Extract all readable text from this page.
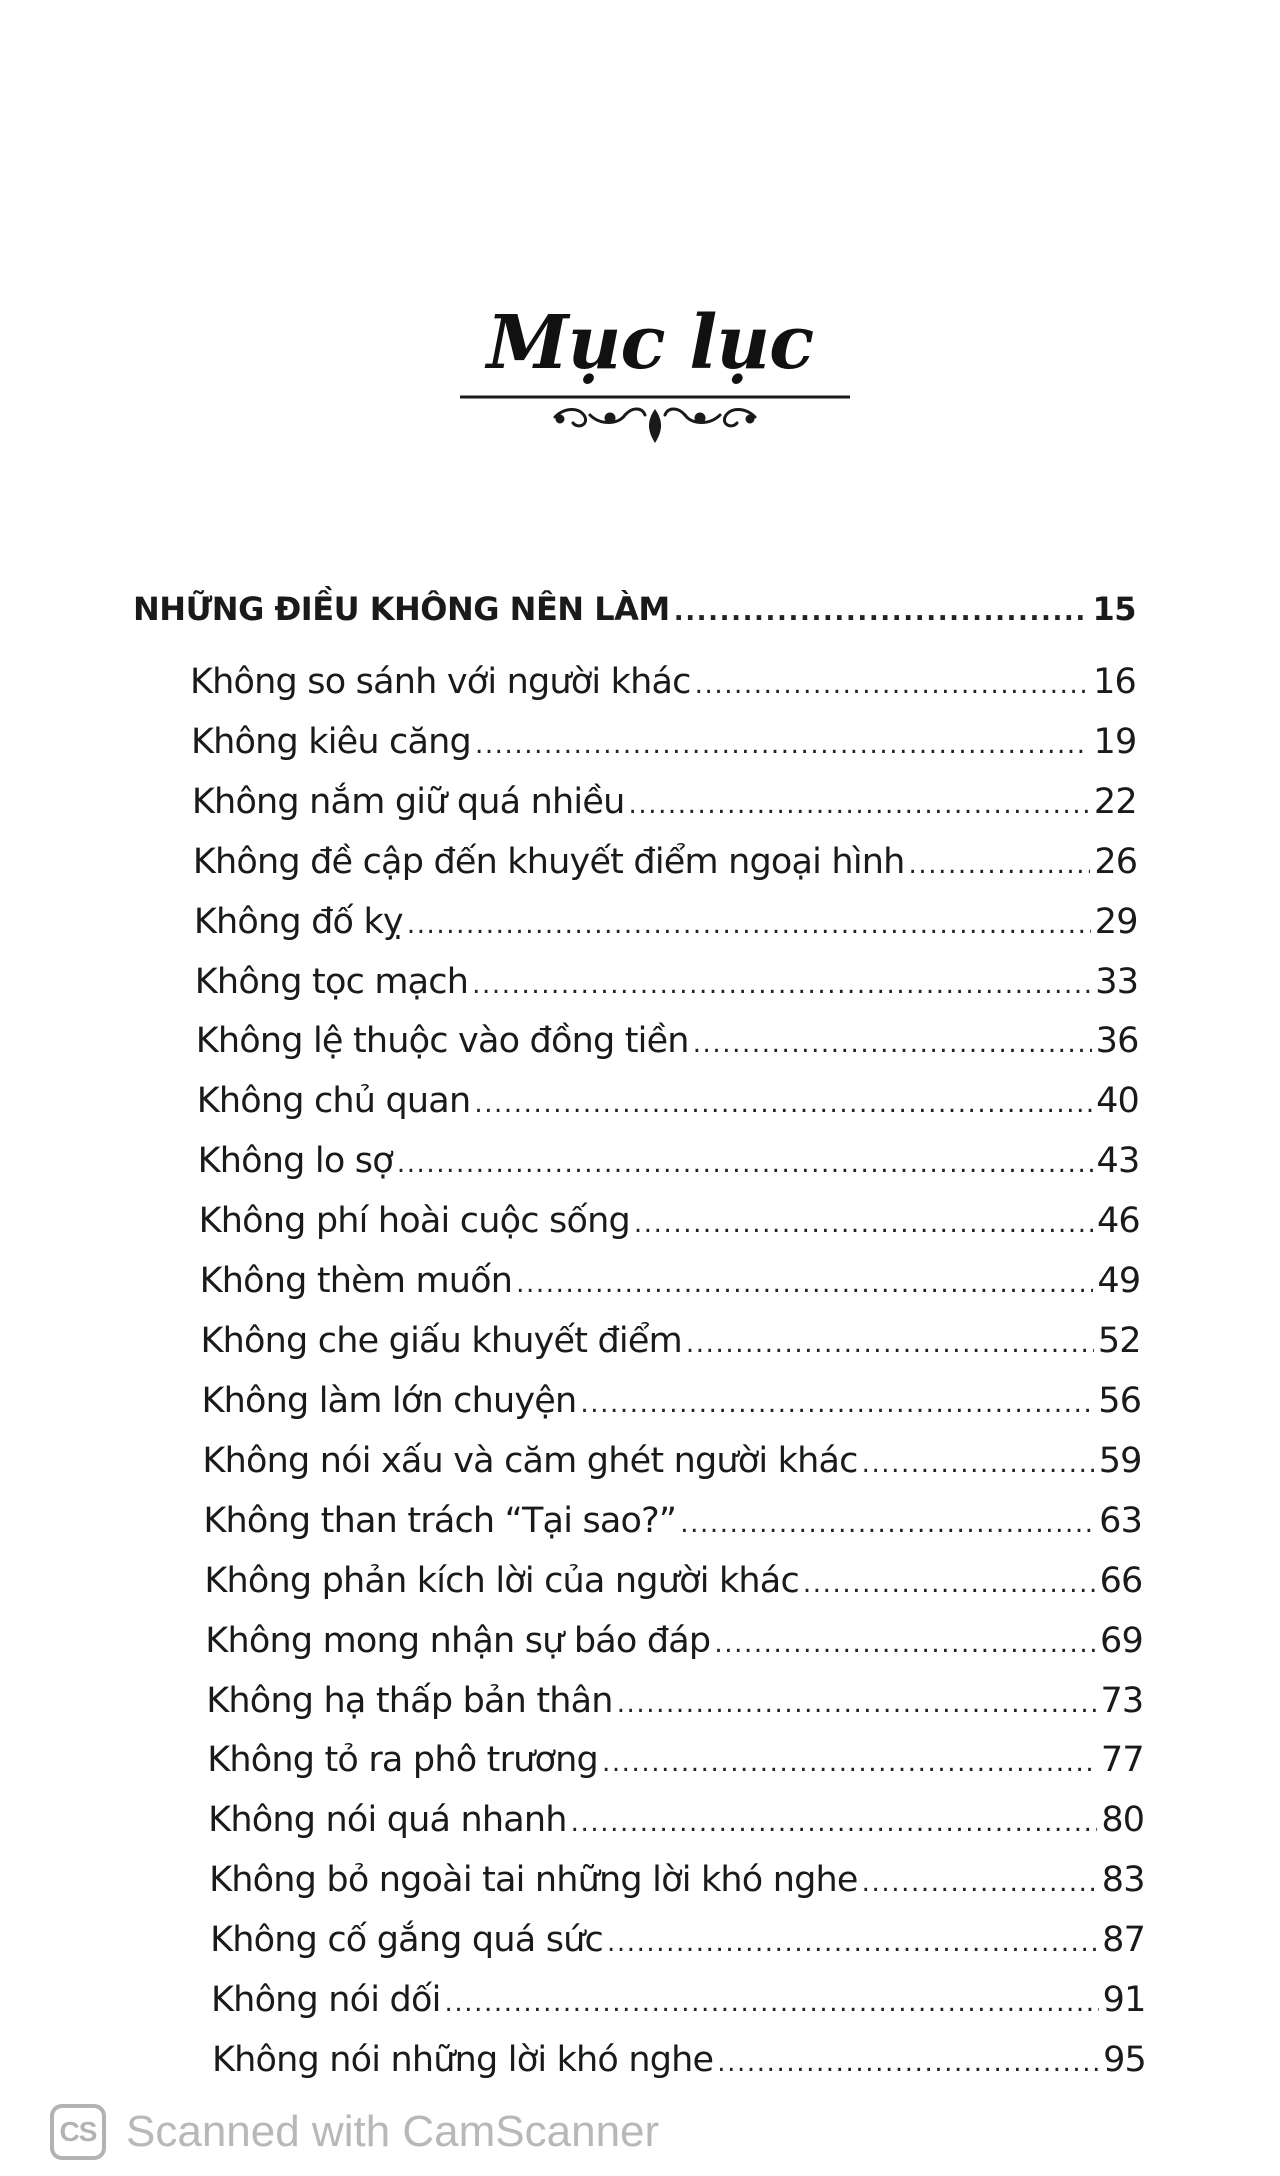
Mục lục
NHỮNG ĐIỀU KHÔNG NÊN LÀM .....	15
Không so sánh với người khác .....	16
Không kiêu căng .....	19
Không nắm giữ quá nhiều .....	22
Không đề cập đến khuyết điểm ngoại hình .....	26
Không đố kỵ .....	29
Không tọc mạch .....	33
Không lệ thuộc vào đồng tiền .....	36
Không chủ quan .....	40
Không lo sợ .....	43
Không phí hoài cuộc sống .....	46
Không thèm muốn .....	49
Không che giấu khuyết điểm .....	52
Không làm lớn chuyện .....	56
Không nói xấu và căm ghét người khác .....	59
Không than trách “Tại sao?” .....	63
Không phản kích lời của người khác .....	66
Không mong nhận sự báo đáp .....	69
Không hạ thấp bản thân .....	73
Không tỏ ra phô trương .....	77
Không nói quá nhanh .....	80
Không bỏ ngoài tai những lời khó nghe .....	83
Không cố gắng quá sức .....	87
Không nói dối .....	91
Không nói những lời khó nghe .....	95
CS Scanned with CamScanner
